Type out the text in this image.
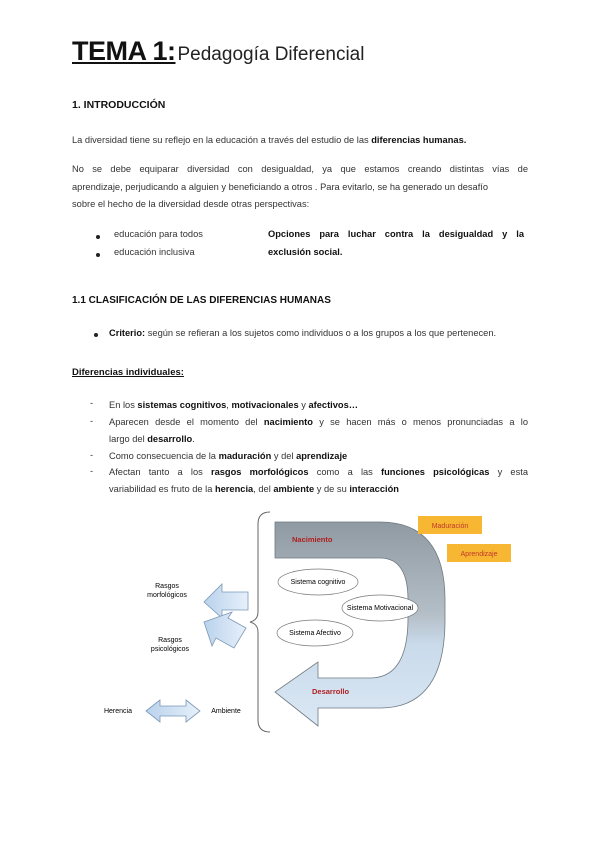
TEMA 1: Pedagogía Diferencial
1. INTRODUCCIÓN
La diversidad tiene su reflejo en la educación a través del estudio de las diferencias humanas.
No se debe equiparar diversidad con desigualdad, ya que estamos creando distintas vías de
aprendizaje, perjudicando a alguien y beneficiando a otros . Para evitarlo, se ha generado un desafío
sobre el hecho de la diversidad desde otras perspectivas:
educación para todos
educación inclusiva
Opciones para luchar contra la desigualdad y la
exclusión social.
1.1 CLASIFICACIÓN DE LAS DIFERENCIAS HUMANAS
Criterio: según se refieran a los sujetos como individuos o a los grupos a los que pertenecen.
Diferencias individuales:
- En los sistemas cognitivos, motivacionales y afectivos…
- Aparecen desde el momento del nacimiento y se hacen más o menos pronunciadas a lo
largo del desarrollo.
- Como consecuencia de la maduración y del aprendizaje
- Afectan tanto a los rasgos morfológicos como a las funciones psicológicas y esta
variabilidad es fruto de la herencia, del ambiente y de su interacción
Nacimiento
Desarrollo
Sistema cognitivo
Sistema Motivacional
Sistema Afectivo
Maduración
Aprendizaje
Rasgos
morfológicos
Rasgos
psicológicos
Herencia	Ambiente
